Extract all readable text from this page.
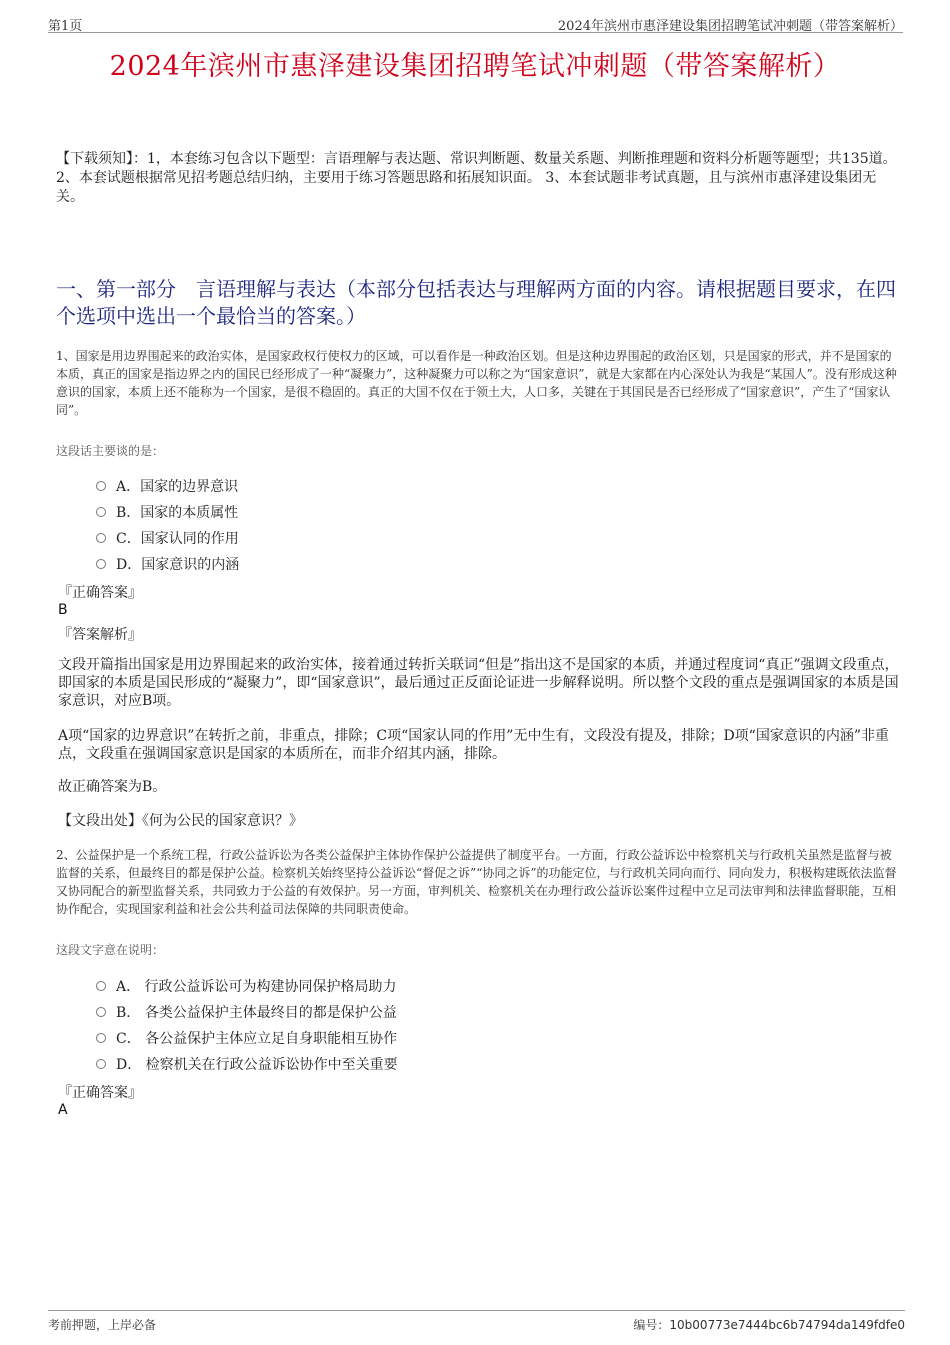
第1页	2024年滨州市惠泽建设集团招聘笔试冲刺题（带答案解析）
2024年滨州市惠泽建设集团招聘笔试冲刺题（带答案解析）
【下载须知】：1，本套练习包含以下题型：言语理解与表达题、常识判断题、数量关系题、判断推理题和资料分析题等题型；共135道。 2、本套试题根据常见招考题总结归纳，主要用于练习答题思路和拓展知识面。 3、本套试题非考试真题，且与滨州市惠泽建设集团无关。
一、第一部分　言语理解与表达（本部分包括表达与理解两方面的内容。请根据题目要求，在四个选项中选出一个最恰当的答案。）
1、国家是用边界围起来的政治实体，是国家政权行使权力的区域，可以看作是一种政治区划。但是这种边界围起的政治区划，只是国家的形式，并不是国家的本质，真正的国家是指边界之内的国民已经形成了一种“凝聚力”，这种凝聚力可以称之为“国家意识”，就是大家都在内心深处认为我是“某国人”。没有形成这种意识的国家，本质上还不能称为一个国家，是很不稳固的。真正的大国不仅在于领土大，人口多，关键在于其国民是否已经形成了“国家意识”，产生了“国家认同”。
这段话主要谈的是：
A．国家的边界意识
B．国家的本质属性
C．国家认同的作用
D．国家意识的内涵
『正确答案』
B
『答案解析』
文段开篇指出国家是用边界围起来的政治实体，接着通过转折关联词“但是”指出这不是国家的本质，并通过程度词“真正”强调文段重点，即国家的本质是国民形成的“凝聚力”，即“国家意识”，最后通过正反面论证进一步解释说明。所以整个文段的重点是强调国家的本质是国家意识，对应B项。
A项“国家的边界意识”在转折之前，非重点，排除；C项“国家认同的作用”无中生有，文段没有提及，排除；D项“国家意识的内涵”非重点，文段重在强调国家意识是国家的本质所在，而非介绍其内涵，排除。
故正确答案为B。
【文段出处】《何为公民的国家意识？》
2、公益保护是一个系统工程，行政公益诉讼为各类公益保护主体协作保护公益提供了制度平台。一方面，行政公益诉讼中检察机关与行政机关虽然是监督与被监督的关系，但最终目的都是保护公益。检察机关始终坚持公益诉讼“督促之诉”“协同之诉”的功能定位，与行政机关同向而行、同向发力，积极构建既依法监督又协同配合的新型监督关系，共同致力于公益的有效保护。另一方面，审判机关、检察机关在办理行政公益诉讼案件过程中立足司法审判和法律监督职能，互相协作配合，实现国家利益和社会公共利益司法保障的共同职责使命。
这段文字意在说明：
A． 行政公益诉讼可为构建协同保护格局助力
B． 各类公益保护主体最终目的都是保护公益
C． 各公益保护主体应立足自身职能相互协作
D． 检察机关在行政公益诉讼协作中至关重要
『正确答案』
A
考前押题，上岸必备	编号：10b00773e7444bc6b74794da149fdfe0
